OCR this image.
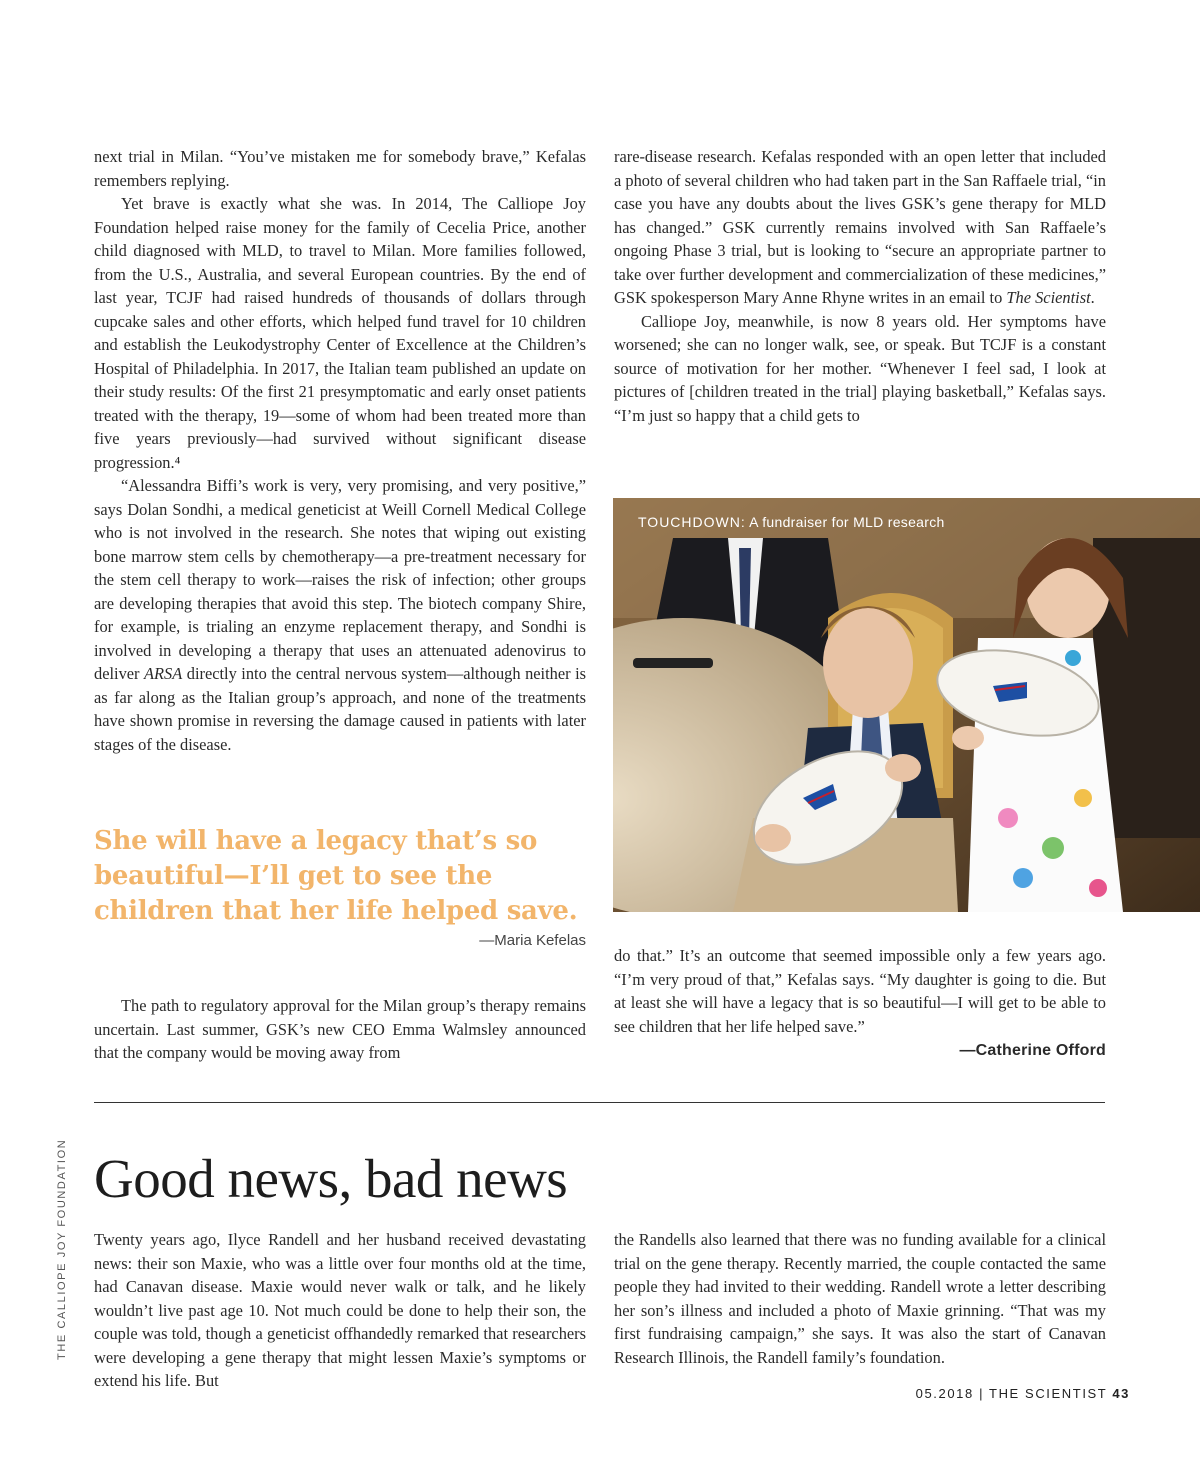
next trial in Milan. “You’ve mistaken me for somebody brave,” Kefalas remembers replying.

Yet brave is exactly what she was. In 2014, The Calliope Joy Foundation helped raise money for the family of Cecelia Price, another child diagnosed with MLD, to travel to Milan. More families followed, from the U.S., Australia, and several European countries. By the end of last year, TCJF had raised hundreds of thousands of dollars through cupcake sales and other efforts, which helped fund travel for 10 children and establish the Leukodystrophy Center of Excellence at the Children’s Hospital of Philadelphia. In 2017, the Italian team published an update on their study results: Of the first 21 presymptomatic and early onset patients treated with the therapy, 19—some of whom had been treated more than five years previously—had survived without significant disease progression.⁴

“Alessandra Biffi’s work is very, very promising, and very positive,” says Dolan Sondhi, a medical geneticist at Weill Cornell Medical College who is not involved in the research. She notes that wiping out existing bone marrow stem cells by chemotherapy—a pre-treatment necessary for the stem cell therapy to work—raises the risk of infection; other groups are developing therapies that avoid this step. The biotech company Shire, for example, is trialing an enzyme replacement therapy, and Sondhi is involved in developing a therapy that uses an attenuated adenovirus to deliver ARSA directly into the central nervous system—although neither is as far along as the Italian group’s approach, and none of the treatments have shown promise in reversing the damage caused in patients with later stages of the disease.

She will have a legacy that’s so beautiful—I’ll get to see the children that her life helped save.
—Maria Kefelas

The path to regulatory approval for the Milan group’s therapy remains uncertain. Last summer, GSK’s new CEO Emma Walmsley announced that the company would be moving away from

rare-disease research. Kefalas responded with an open letter that included a photo of several children who had taken part in the San Raffaele trial, “in case you have any doubts about the lives GSK’s gene therapy for MLD has changed.” GSK currently remains involved with San Raffaele’s ongoing Phase 3 trial, but is looking to “secure an appropriate partner to take over further development and commercialization of these medicines,” GSK spokesperson Mary Anne Rhyne writes in an email to The Scientist.

Calliope Joy, meanwhile, is now 8 years old. Her symptoms have worsened; she can no longer walk, see, or speak. But TCJF is a constant source of motivation for her mother. “Whenever I feel sad, I look at pictures of [children treated in the trial] playing basketball,” Kefalas says. “I’m just so happy that a child gets to

TOUCHDOWN: A fundraiser for MLD research

do that.” It’s an outcome that seemed impossible only a few years ago. “I’m very proud of that,” Kefalas says. “My daughter is going to die. But at least she will have a legacy that is so beautiful—I will get to be able to see children that her life helped save.”

—Catherine Offord
Good news, bad news

Twenty years ago, Ilyce Randell and her husband received devastating news: their son Maxie, who was a little over four months old at the time, had Canavan disease. Maxie would never walk or talk, and he likely wouldn’t live past age 10. Not much could be done to help their son, the couple was told, though a geneticist offhandedly remarked that researchers were developing a gene therapy that might lessen Maxie’s symptoms or extend his life. But

the Randells also learned that there was no funding available for a clinical trial on the gene therapy. Recently married, the couple contacted the same people they had invited to their wedding. Randell wrote a letter describing her son’s illness and included a photo of Maxie grinning. “That was my first fundraising campaign,” she says. It was also the start of Canavan Research Illinois, the Randell family’s foundation.

THE CALLIOPE JOY FOUNDATION
05.2018 | THE SCIENTIST 43
